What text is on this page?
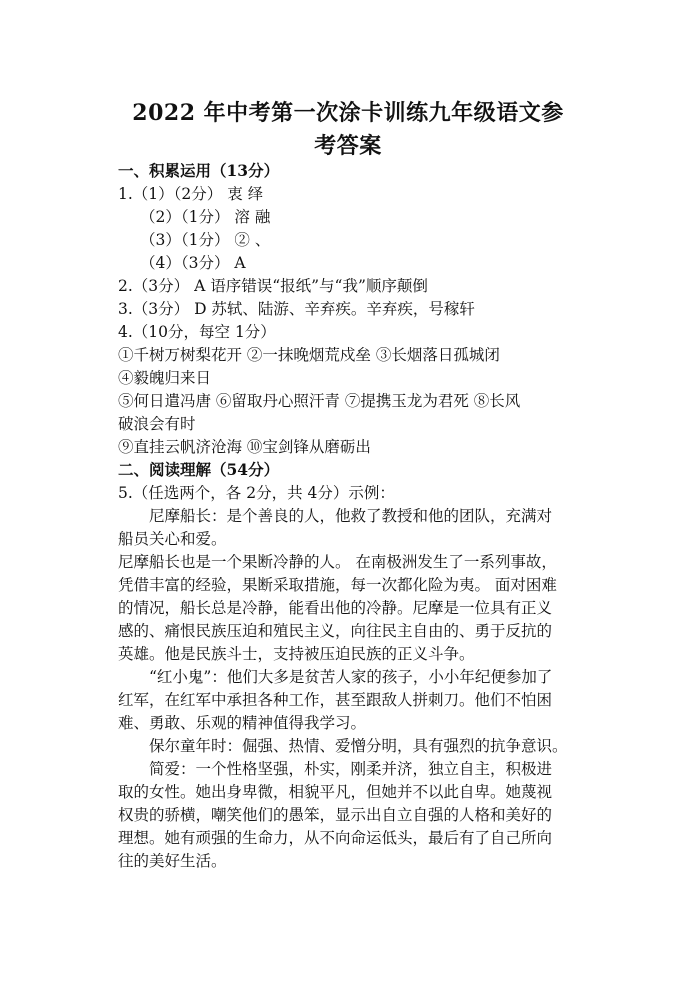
2022 年中考第一次涂卡训练九年级语文参
考答案
一、积累运用（13分）
1.（1）（2分） 衷 绎
（2）（1分） 溶 融
（3）（1分） ② 、
（4）（3分） A
2.（3分） A 语序错误“报纸”与“我”顺序颠倒
3.（3分） D 苏轼、陆游、辛弃疾。辛弃疾，号稼轩
4.（10分，每空 1分）
①千树万树梨花开 ②一抹晚烟荒戍垒 ③长烟落日孤城闭
④毅魄归来日
⑤何日遣冯唐 ⑥留取丹心照汗青 ⑦提携玉龙为君死 ⑧长风
破浪会有时
⑨直挂云帆济沧海 ⑩宝剑锋从磨砺出
二、阅读理解（54分）
5.（任选两个，各 2分，共 4分）示例：
尼摩船长：是个善良的人，他救了教授和他的团队，充满对
船员关心和爱。
尼摩船长也是一个果断冷静的人。 在南极洲发生了一系列事故，
凭借丰富的经验，果断采取措施，每一次都化险为夷。 面对困难
的情况，船长总是冷静，能看出他的冷静。尼摩是一位具有正义
感的、痛恨民族压迫和殖民主义，向往民主自由的、勇于反抗的
英雄。他是民族斗士，支持被压迫民族的正义斗争。
“红小鬼”：他们大多是贫苦人家的孩子，小小年纪便参加了
红军，在红军中承担各种工作，甚至跟敌人拼刺刀。他们不怕困
难、勇敢、乐观的精神值得我学习。
保尔童年时：倔强、热情、爱憎分明，具有强烈的抗争意识。
简爱：一个性格坚强，朴实，刚柔并济，独立自主，积极进
取的女性。她出身卑微，相貌平凡，但她并不以此自卑。她蔑视
权贵的骄横，嘲笑他们的愚笨，显示出自立自强的人格和美好的
理想。她有顽强的生命力，从不向命运低头，最后有了自己所向
往的美好生活。
